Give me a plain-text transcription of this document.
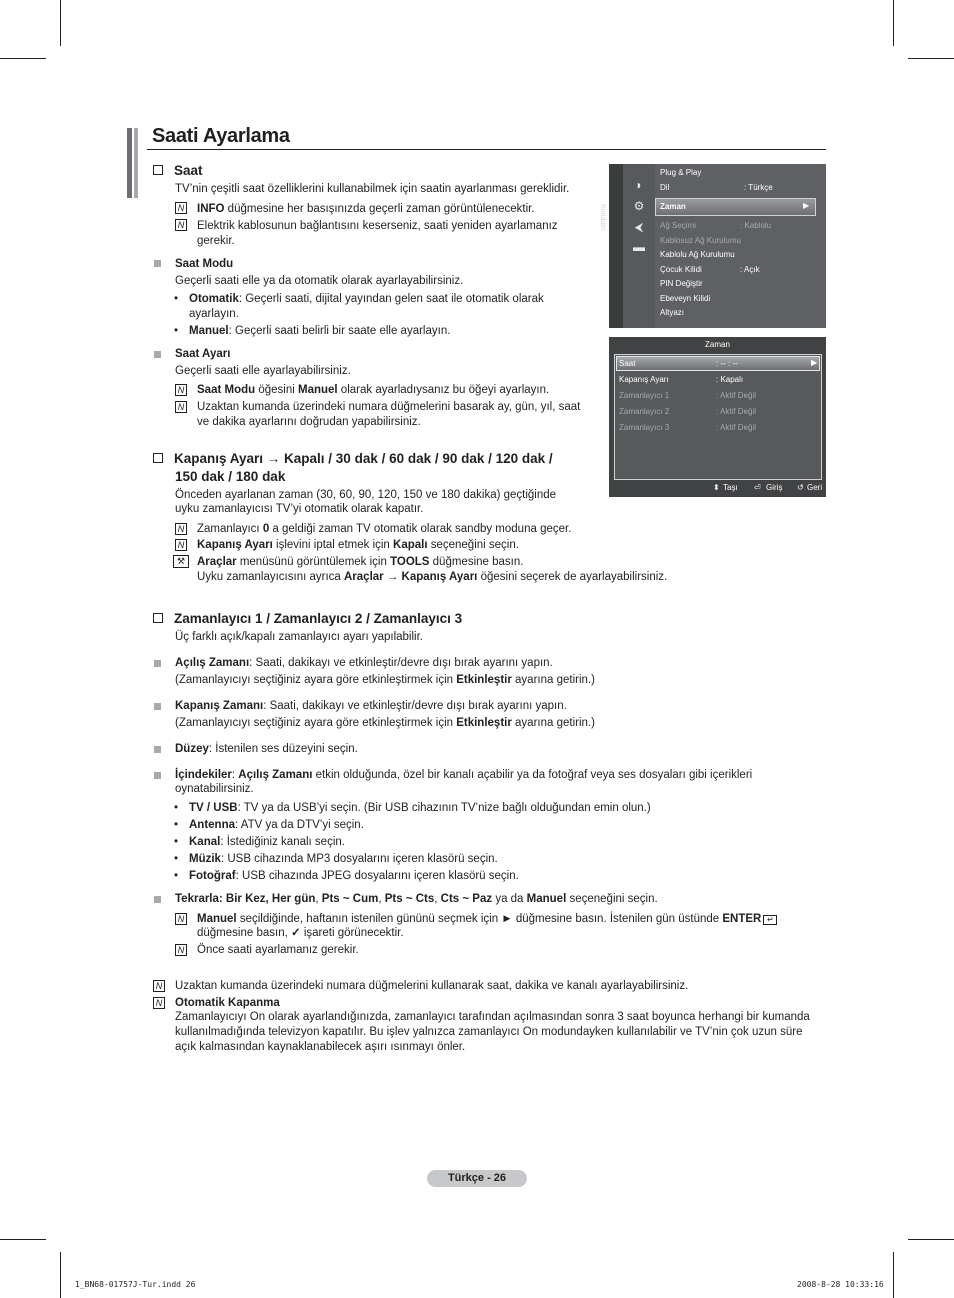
Saati Ayarlama
Saat
TV’nin çeşitli saat özelliklerini kullanabilmek için saatin ayarlanması gereklidir.
N INFO düğmesine her basışınızda geçerli zaman görüntülenecektir.
N Elektrik kablosunun bağlantısını keserseniz, saati yeniden ayarlamanız
gerekir.
Saat Modu
Geçerli saati elle ya da otomatik olarak ayarlayabilirsiniz.
• Otomatik: Geçerli saati, dijital yayından gelen saat ile otomatik olarak
ayarlayın.
• Manuel: Geçerli saati belirli bir saate elle ayarlayın.
Saat Ayarı
Geçerli saati elle ayarlayabilirsiniz.
N Saat Modu öğesini Manuel olarak ayarladıysanız bu öğeyi ayarlayın.
N Uzaktan kumanda üzerindeki numara düğmelerini basarak ay, gün, yıl, saat
ve dakika ayarlarını doğrudan yapabilirsiniz.
Kapanış Ayarı → Kapalı / 30 dak / 60 dak / 90 dak / 120 dak /
150 dak / 180 dak
Önceden ayarlanan zaman (30, 60, 90, 120, 150 ve 180 dakika) geçtiğinde
uyku zamanlayıcısı TV’yi otomatik olarak kapatır.
N Zamanlayıcı 0 a geldiği zaman TV otomatik olarak sandby moduna geçer.
N Kapanış Ayarı işlevini iptal etmek için Kapalı seçeneğini seçin.
⚒	Araçlar menüsünü görüntülemek için TOOLS düğmesine basın.
Uyku zamanlayıcısını ayrıca Araçlar → Kapanış Ayarı öğesini seçerek de ayarlayabilirsiniz.
Zamanlayıcı 1 / Zamanlayıcı 2 / Zamanlayıcı 3
Üç farklı açık/kapalı zamanlayıcı ayarı yapılabilir.
Açılış Zamanı: Saati, dakikayı ve etkinleştir/devre dışı bırak ayarını yapın.
(Zamanlayıcıyı seçtiğiniz ayara göre etkinleştirmek için Etkinleştir ayarına getirin.)
Kapanış Zamanı: Saati, dakikayı ve etkinleştir/devre dışı bırak ayarını yapın.
(Zamanlayıcıyı seçtiğiniz ayara göre etkinleştirmek için Etkinleştir ayarına getirin.)
Düzey: İstenilen ses düzeyini seçin.
İçindekiler: Açılış Zamanı etkin olduğunda, özel bir kanalı açabilir ya da fotoğraf veya ses dosyaları gibi içerikleri
oynatabilirsiniz.
• TV / USB: TV ya da USB’yi seçin. (Bir USB cihazının TV’nize bağlı olduğundan emin olun.)
• Antenna: ATV ya da DTV’yi seçin.
• Kanal: İstediğiniz kanalı seçin.
• Müzik: USB cihazında MP3 dosyalarını içeren klasörü seçin.
• Fotoğraf: USB cihazında JPEG dosyalarını içeren klasörü seçin.
Tekrarla: Bir Kez, Her gün, Pts ~ Cum, Pts ~ Cts, Cts ~ Paz ya da Manuel seçeneğini seçin.
N Manuel seçildiğinde, haftanın istenilen gününü seçmek için ► düğmesine basın. İstenilen gün üstünde ENTER ↵
düğmesine basın, ✓ işareti görünecektir.
N Önce saati ayarlamanız gerekir.
N Uzaktan kumanda üzerindeki numara düğmelerini kullanarak saat, dakika ve kanalı ayarlayabilirsiniz.
N Otomatik Kapanma
Zamanlayıcıyı On olarak ayarlandığınızda, zamanlayıcı tarafından açılmasından sonra 3 saat boyunca herhangi bir kumanda
kullanılmadığında televizyon kapatılır. Bu işlev yalnızca zamanlayıcı On modundayken kullanılabilir ve TV’nin çok uzun süre
açık kalmasından kaynaklanabilecek aşırı ısınmayı önler.
Kurulum
◗
⚙
⮜
▬
Plug & Play
Dil	: Türkçe
Zaman	▶
Ağ Seçimi	: Kablolu
Kablosuz Ağ Kurulumu
Kablolu Ağ Kurulumu
Çocuk Kilidi	: Açık
PIN Değiştir
Ebeveyn Kilidi
Altyazı
Zaman
Saat	: -- : --	▶
Kapanış Ayarı	: Kapalı
Zamanlayıcı 1	: Aktif Değil
Zamanlayıcı 2	: Aktif Değil
Zamanlayıcı 3	: Aktif Değil
⬍ Taşı ⏎ Giriş ↺ Geri
Türkçe - 26
1_BN68-01757J-Tur.indd 26	2008-8-28 10:33:16
